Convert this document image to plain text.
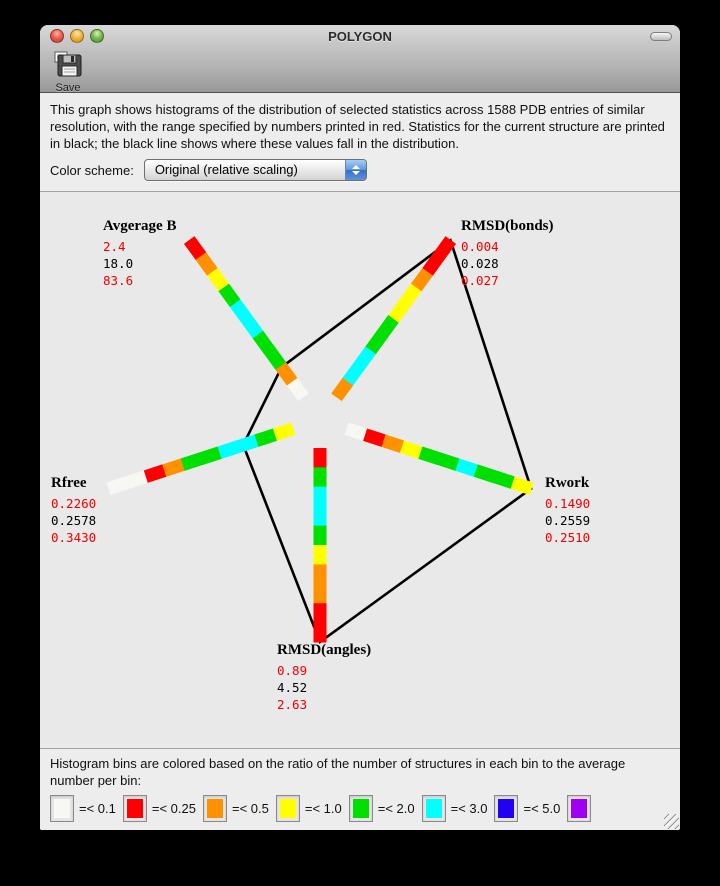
POLYGON
Save
This graph shows histograms of the distribution of selected statistics across 1588 PDB entries of similar resolution, with the range specified by numbers printed in red. Statistics for the current structure are printed in black; the black line shows where these values fall in the distribution.
Color scheme:	Original (relative scaling)
Avgerage B
2.4
18.0
83.6
RMSD(bonds)
0.004
0.028
0.027
Rwork
0.1490
0.2559
0.2510
RMSD(angles)
0.89
4.52
2.63
Rfree
0.2260
0.2578
0.3430
Histogram bins are colored based on the ratio of the number of structures in each bin to the average number per bin:
=< 0.1	=< 0.25	=< 0.5	=< 1.0	=< 2.0	=< 3.0	=< 5.0
